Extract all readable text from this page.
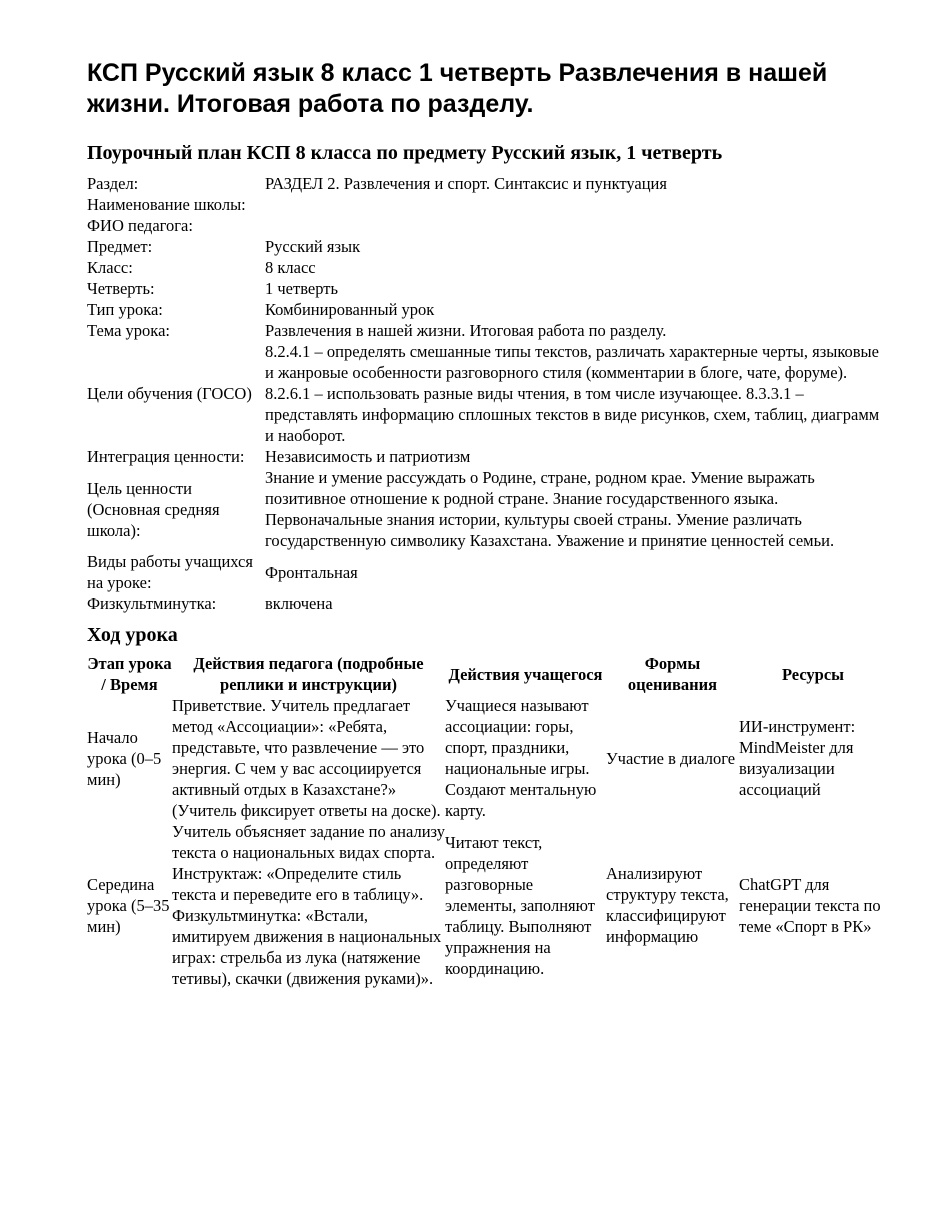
КСП Русский язык 8 класс 1 четверть Развлечения в нашей жизни. Итоговая работа по разделу.
Поурочный план КСП 8 класса по предмету Русский язык, 1 четверть
Раздел:	РАЗДЕЛ 2. Развлечения и спорт. Синтаксис и пунктуация
Наименование школы:	
ФИО педагога:	
Предмет:	Русский язык
Класс:	8 класс
Четверть:	1 четверть
Тип урока:	Комбинированный урок
Тема урока:	Развлечения в нашей жизни. Итоговая работа по разделу.
Цели обучения (ГОСО)	8.2.4.1 – определять смешанные типы текстов, различать характерные черты, языковые и жанровые особенности разговорного стиля (комментарии в блоге, чате, форуме). 8.2.6.1 – использовать разные виды чтения, в том числе изучающее. 8.3.3.1 – представлять информацию сплошных текстов в виде рисунков, схем, таблиц, диаграмм и наоборот.
Интеграция ценности:	Независимость и патриотизм
Цель ценности (Основная средняя школа):	Знание и умение рассуждать о Родине, стране, родном крае. Умение выражать позитивное отношение к родной стране. Знание государственного языка. Первоначальные знания истории, культуры своей страны. Умение различать государственную символику Казахстана. Уважение и принятие ценностей семьи.
Виды работы учащихся на уроке:	Фронтальная
Физкультминутка:	включена
Ход урока
Этап урока / Время	Действия педагога (подробные реплики и инструкции)	Действия учащегося	Формы оценивания	Ресурсы
Начало урока (0–5 мин)	Приветствие. Учитель предлагает метод «Ассоциации»: «Ребята, представьте, что развлечение — это энергия. С чем у вас ассоциируется активный отдых в Казахстане?» (Учитель фиксирует ответы на доске).	Учащиеся называют ассоциации: горы, спорт, праздники, национальные игры. Создают ментальную карту.	Участие в диалоге	ИИ-инструмент: MindMeister для визуализации ассоциаций
Середина урока (5–35 мин)	Учитель объясняет задание по анализу текста о национальных видах спорта. Инструктаж: «Определите стиль текста и переведите его в таблицу». Физкультминутка: «Встали, имитируем движения в национальных играх: стрельба из лука (натяжение тетивы), скачки (движения руками)».	Читают текст, определяют разговорные элементы, заполняют таблицу. Выполняют упражнения на координацию.	Анализируют структуру текста, классифицируют информацию	ChatGPT для генерации текста по теме «Спорт в РК»
